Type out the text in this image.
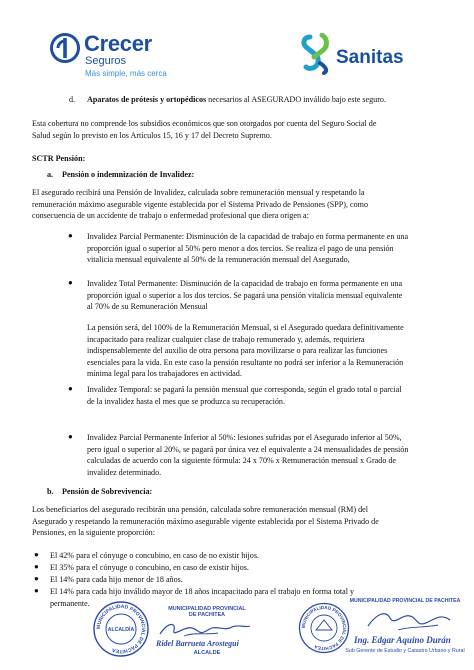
Crecer
Seguros
Más simple, más cerca
Sanitas
d. Aparatos de prótesis y ortopédicos necesarios al ASEGURADO inválido bajo este seguro.
Esta cobertura no comprende los subsidios económicos que son otorgados por cuenta del Seguro Social de
Salud según lo previsto en los Artículos 15, 16 y 17 del Decreto Supremo.
SCTR Pensión:
a. Pensión o indemnización de Invalidez:
El asegurado recibirá una Pensión de Invalidez, calculada sobre remuneración mensual y respetando la
remuneración máximo asegurable vigente establecida por el Sistema Privado de Pensiones (SPP), como
consecuencia de un accidente de trabajo o enfermedad profesional que diera origen a:
● Invalidez Parcial Permanente: Disminución de la capacidad de trabajo en forma permanente en una
proporción igual o superior al 50% pero menor a dos tercios. Se realiza el pago de una pensión
vitalicia mensual equivalente al 50% de la remuneración mensual del Asegurado,
● Invalidez Total Permanente: Disminución de la capacidad de trabajo en forma permanente en una
proporción igual o superior a los dos tercios. Se pagará una pensión vitalicia mensual equivalente
al 70% de su Remuneración Mensual
La pensión será, del 100% de la Remuneración Mensual, si el Asegurado quedara definitivamente
incapacitado para realizar cualquier clase de trabajo remunerado y, además, requiriera
indispensablemente del auxilio de otra persona para movilizarse o para realizar las funciones
esenciales para la vida. En este caso la pensión resultante no podrá ser inferior a la Remuneración
mínima legal para los trabajadores en actividad.
● Invalidez Temporal: se pagará la pensión mensual que corresponda, según el grado total o parcial
de la invalidez hasta el mes que se produzca su recuperación.
● Invalidez Parcial Permanente Inferior al 50%: lesiones sufridas por el Asegurado inferior al 50%,
pero igual o superior al 20%, se pagará por única vez el equivalente a 24 mensualidades de pensión
calculadas de acuerdo con la siguiente fórmula: 24 x 70% x Remuneración mensual x Grado de
invalidez determinado.
b. Pensión de Sobrevivencia:
Los beneficiarios del asegurado recibirán una pensión, calculada sobre remuneración mensual (RM) del
Asegurado y respetando la remuneración máximo asegurable vigente establecida por el Sistema Privado de
Pensiones, en la siguiente proporción:
● El 42% para el cónyuge o concubino, en caso de no existir hijos.
● El 35% para el cónyuge o concubino, en caso de existir hijos.
● El 14% para cada hijo menor de 18 años.
● El 14% para cada hijo inválido mayor de 18 años incapacitado para el trabajo en forma total y
permanente.
MUNICIPALIDAD PROVINCIAL DE PACHITEA
ALCALDÍA
MUNICIPALIDAD PROVINCIAL
DE PACHITEA
Ridel Barrueta Arostegui
ALCALDE
MUNICIPALIDAD PROVINCIAL DE PACHITEA
MUNICIPALIDAD PROVINCIAL DE PACHITEA
Ing. Edgar Aquino Durán
Sub Gerente de Estudio y Catastro Urbano y Rural
